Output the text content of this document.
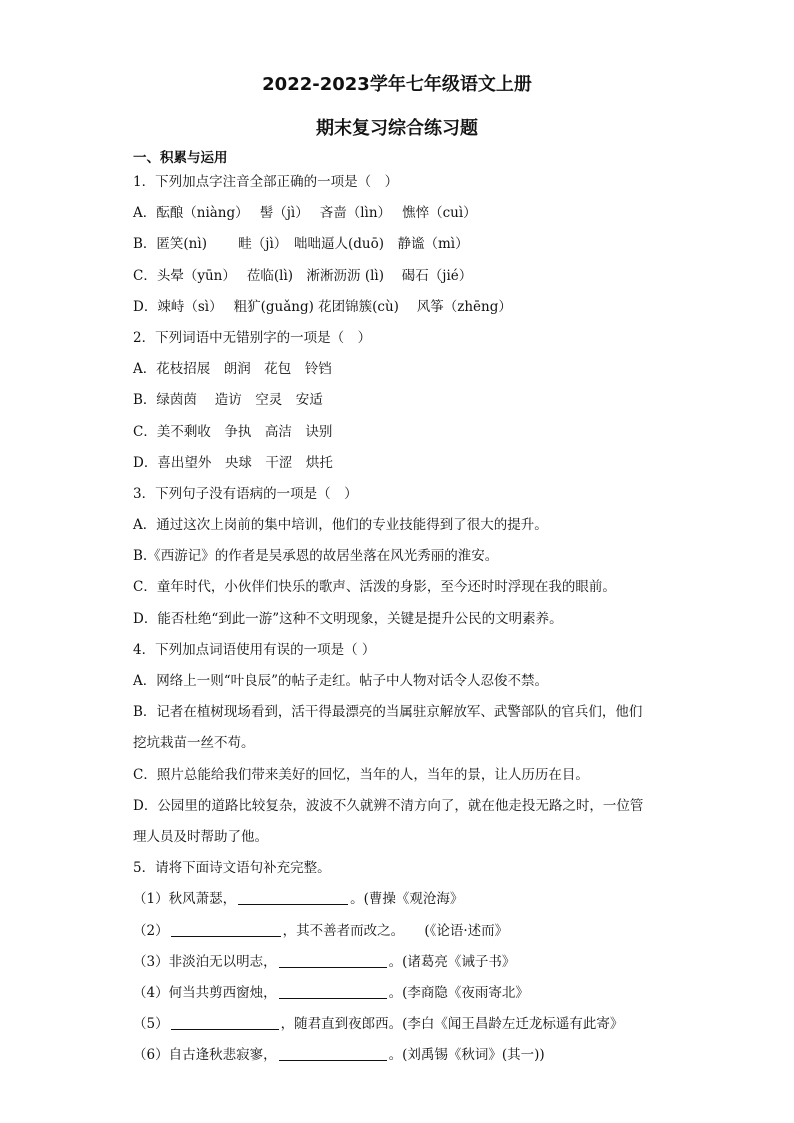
2022-2023学年七年级语文上册
期末复习综合练习题
一、积累与运用
1．下列加点字注音全部正确的一项是（　）
A．酝酿（niàng）　 髻（jì）　 吝啬（lìn）　 憔悴（cuì）
B．匿笑(nì)　　 畦（jì）　咄咄逼人(duō)　静谧（mì）
C．头晕（yūn）　 莅临(lì)　淅淅沥沥 (lì)　 碣石（jié）
D．竦峙（sì）　 粗犷(guǎng) 花团锦簇(cù)　 风筝（zhēng）
2．下列词语中无错别字的一项是（　）
A．花枝招展　朗润　花包　铃铛
B．绿茵茵　 造访　空灵　安适
C．美不剩收　争执　高洁　诀别
D．喜出望外　央球　干涩　烘托
3．下列句子没有语病的一项是（　）
A．通过这次上岗前的集中培训，他们的专业技能得到了很大的提升。
B.《西游记》的作者是吴承恩的故居坐落在风光秀丽的淮安。
C．童年时代，小伙伴们快乐的歌声、活泼的身影，至今还时时浮现在我的眼前。
D．能否杜绝“到此一游”这种不文明现象，关键是提升公民的文明素养。
4．下列加点词语使用有误的一项是（ ）
A．网络上一则“叶良辰”的帖子走红。帖子中人物对话令人忍俊不禁。
B．记者在植树现场看到，活干得最漂亮的当属驻京解放军、武警部队的官兵们，他们
挖坑栽苗一丝不苟。
C．照片总能给我们带来美好的回忆，当年的人，当年的景，让人历历在目。
D．公园里的道路比较复杂，波波不久就辨不清方向了，就在他走投无路之时，一位管
理人员及时帮助了他。
5．请将下面诗文语句补充完整。
（1）秋风萧瑟，	。(曹操《观沧海》
（2）	，其不善者而改之。　　(《论语·述而》
（3）非淡泊无以明志，	。(诸葛亮《诫子书》
（4）何当共剪西窗烛，	。(李商隐《夜雨寄北》
（5）	，随君直到夜郎西。(李白《闻王昌龄左迁龙标遥有此寄》
（6）自古逢秋悲寂寥，	。(刘禹锡《秋词》(其一))
